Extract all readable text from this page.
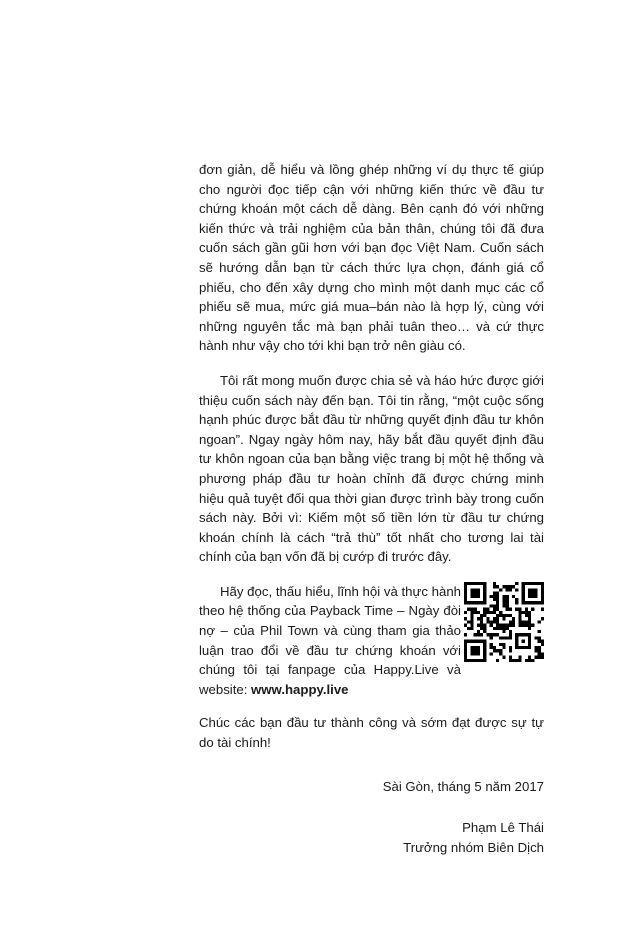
đơn giản, dễ hiểu và lồng ghép những ví dụ thực tế giúp cho người đọc tiếp cận với những kiến thức về đầu tư chứng khoán một cách dễ dàng. Bên cạnh đó với những kiến thức và trải nghiệm của bản thân, chúng tôi đã đưa cuốn sách gần gũi hơn với bạn đọc Việt Nam. Cuốn sách sẽ hướng dẫn bạn từ cách thức lựa chọn, đánh giá cổ phiếu, cho đến xây dựng cho mình một danh mục các cổ phiếu sẽ mua, mức giá mua–bán nào là hợp lý, cùng với những nguyên tắc mà bạn phải tuân theo… và cứ thực hành như vậy cho tới khi bạn trở nên giàu có.

Tôi rất mong muốn được chia sẻ và háo hức được giới thiệu cuốn sách này đến bạn. Tôi tin rằng, “một cuộc sống hạnh phúc được bắt đầu từ những quyết định đầu tư khôn ngoan”. Ngay ngày hôm nay, hãy bắt đầu quyết định đầu tư khôn ngoan của bạn bằng việc trang bị một hệ thống và phương pháp đầu tư hoàn chỉnh đã được chứng minh hiệu quả tuyệt đối qua thời gian được trình bày trong cuốn sách này. Bởi vì: Kiếm một số tiền lớn từ đầu tư chứng khoán chính là cách “trả thù” tốt nhất cho tương lai tài chính của bạn vốn đã bị cướp đi trước đây.

Hãy đọc, thấu hiểu, lĩnh hội và thực hành theo hệ thống của Payback Time – Ngày đòi nợ – của Phil Town và cùng tham gia thảo luận trao đổi về đầu tư chứng khoán với chúng tôi tại fanpage của Happy.Live và website: www.happy.live

Chúc các bạn đầu tư thành công và sớm đạt được sự tự do tài chính!

Sài Gòn, tháng 5 năm 2017

Phạm Lê Thái

Trưởng nhóm Biên Dịch
